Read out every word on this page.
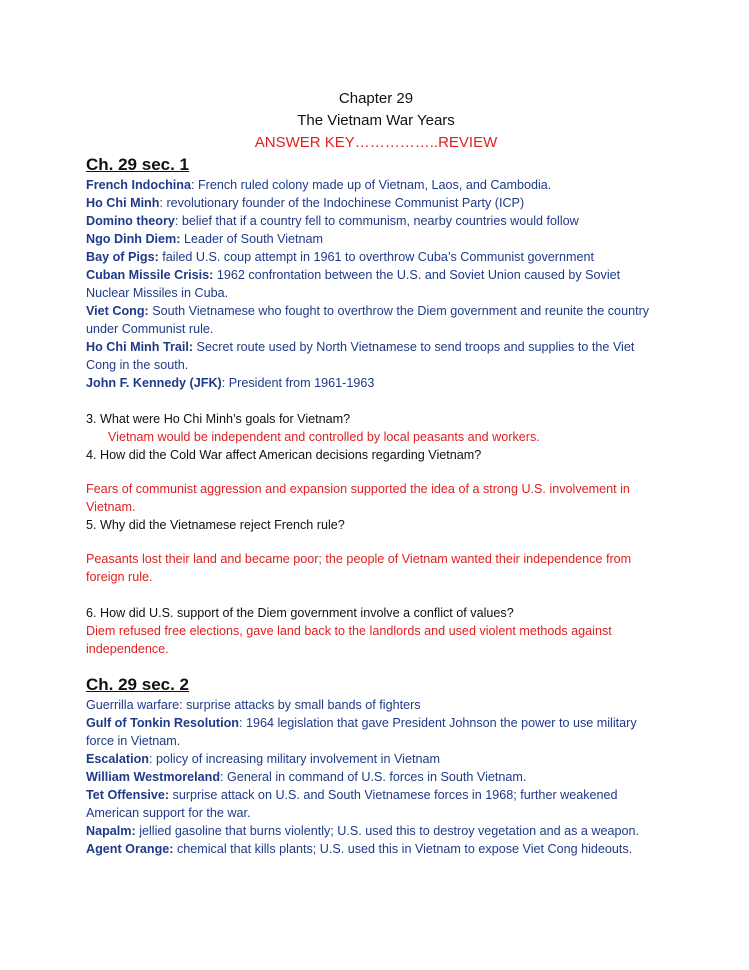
Chapter 29
The Vietnam War Years
ANSWER KEY……………..REVIEW
Ch. 29 sec. 1

French Indochina: French ruled colony made up of Vietnam, Laos, and Cambodia.

Ho Chi Minh: revolutionary founder of the Indochinese Communist Party (ICP)

Domino theory: belief that if a country fell to communism, nearby countries would follow

Ngo Dinh Diem: Leader of South Vietnam

Bay of Pigs: failed U.S. coup attempt in 1961 to overthrow Cuba’s Communist government

Cuban Missile Crisis: 1962 confrontation between the U.S. and Soviet Union caused by Soviet Nuclear Missiles in Cuba.

Viet Cong: South Vietnamese who fought to overthrow the Diem government and reunite the country under Communist rule.

Ho Chi Minh Trail: Secret route used by North Vietnamese to send troops and supplies to the Viet Cong in the south.

John F. Kennedy (JFK): President from 1961-1963

3. What were Ho Chi Minh’s goals for Vietnam?

Vietnam would be independent and controlled by local peasants and workers.

4. How did the Cold War affect American decisions regarding Vietnam?

Fears of communist aggression and expansion supported the idea of a strong U.S. involvement in Vietnam.

5. Why did the Vietnamese reject French rule?

Peasants lost their land and became poor; the people of Vietnam wanted their independence from foreign rule.

6. How did U.S. support of the Diem government involve a conflict of values?

Diem refused free elections, gave land back to the landlords and used violent methods against independence.

Ch. 29 sec. 2

Guerrilla warfare: surprise attacks by small bands of fighters

Gulf of Tonkin Resolution: 1964 legislation that gave President Johnson the power to use military force in Vietnam.

Escalation: policy of increasing military involvement in Vietnam

William Westmoreland: General in command of U.S. forces in South Vietnam.

Tet Offensive: surprise attack on U.S. and South Vietnamese forces in 1968; further weakened American support for the war.

Napalm: jellied gasoline that burns violently; U.S. used this to destroy vegetation and as a weapon.

Agent Orange: chemical that kills plants; U.S. used this in Vietnam to expose Viet Cong hideouts.
